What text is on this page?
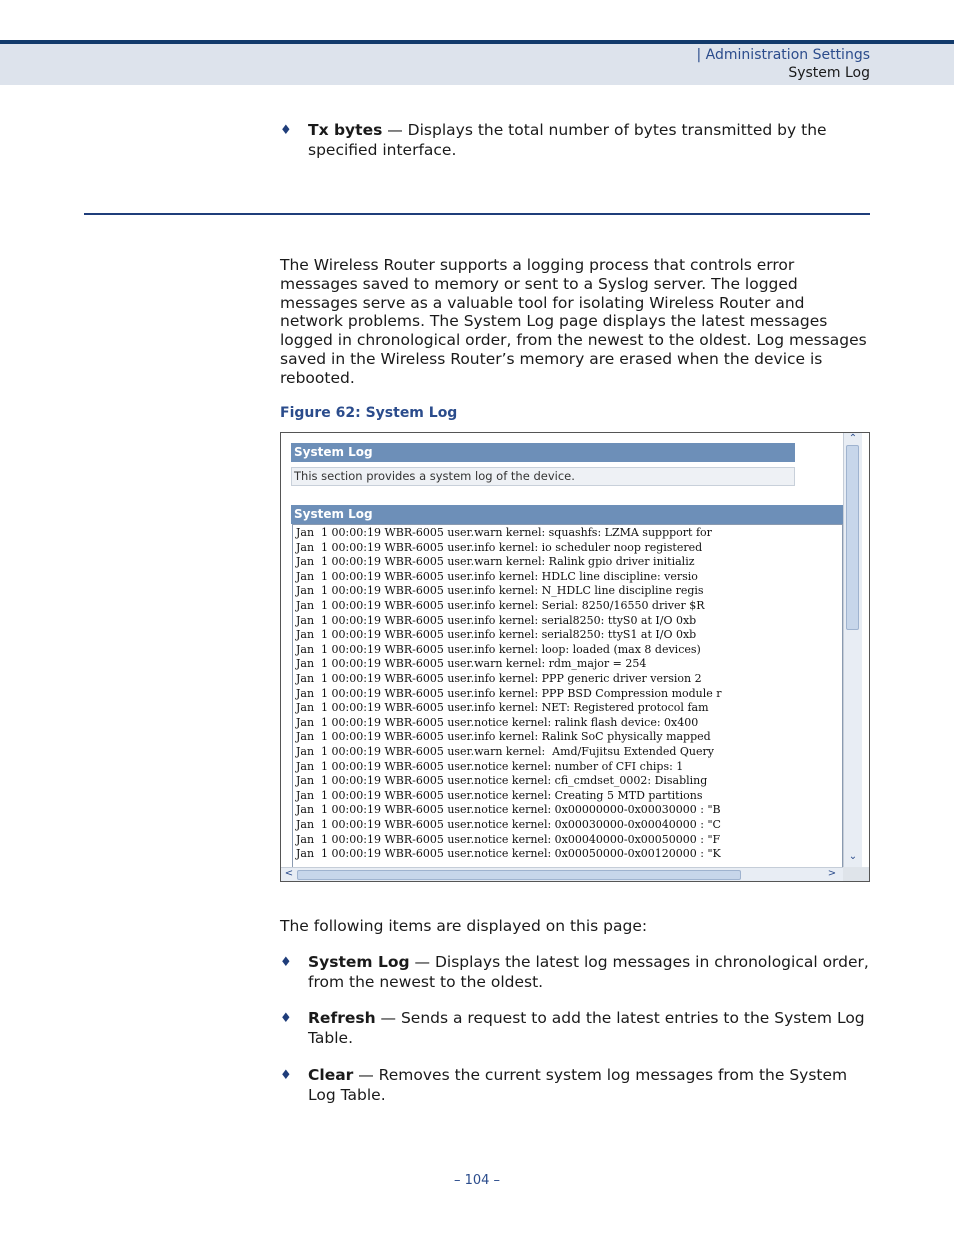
| Administration Settings
System Log
♦ Tx bytes — Displays the total number of bytes transmitted by the specified interface.
The Wireless Router supports a logging process that controls error messages saved to memory or sent to a Syslog server. The logged messages serve as a valuable tool for isolating Wireless Router and network problems. The System Log page displays the latest messages logged in chronological order, from the newest to the oldest. Log messages saved in the Wireless Router’s memory are erased when the device is rebooted.
Figure 62: System Log
System Log
This section provides a system log of the device.
System Log
Jan  1 00:00:19 WBR-6005 user.warn kernel: squashfs: LZMA suppport for
Jan  1 00:00:19 WBR-6005 user.info kernel: io scheduler noop registered
Jan  1 00:00:19 WBR-6005 user.warn kernel: Ralink gpio driver initializ
Jan  1 00:00:19 WBR-6005 user.info kernel: HDLC line discipline: versio
Jan  1 00:00:19 WBR-6005 user.info kernel: N_HDLC line discipline regis
Jan  1 00:00:19 WBR-6005 user.info kernel: Serial: 8250/16550 driver $R
Jan  1 00:00:19 WBR-6005 user.info kernel: serial8250: ttyS0 at I/O 0xb
Jan  1 00:00:19 WBR-6005 user.info kernel: serial8250: ttyS1 at I/O 0xb
Jan  1 00:00:19 WBR-6005 user.info kernel: loop: loaded (max 8 devices)
Jan  1 00:00:19 WBR-6005 user.warn kernel: rdm_major = 254
Jan  1 00:00:19 WBR-6005 user.info kernel: PPP generic driver version 2
Jan  1 00:00:19 WBR-6005 user.info kernel: PPP BSD Compression module r
Jan  1 00:00:19 WBR-6005 user.info kernel: NET: Registered protocol fam
Jan  1 00:00:19 WBR-6005 user.notice kernel: ralink flash device: 0x400
Jan  1 00:00:19 WBR-6005 user.info kernel: Ralink SoC physically mapped
Jan  1 00:00:19 WBR-6005 user.warn kernel:  Amd/Fujitsu Extended Query
Jan  1 00:00:19 WBR-6005 user.notice kernel: number of CFI chips: 1
Jan  1 00:00:19 WBR-6005 user.notice kernel: cfi_cmdset_0002: Disabling
Jan  1 00:00:19 WBR-6005 user.notice kernel: Creating 5 MTD partitions
Jan  1 00:00:19 WBR-6005 user.notice kernel: 0x00000000-0x00030000 : "B
Jan  1 00:00:19 WBR-6005 user.notice kernel: 0x00030000-0x00040000 : "C
Jan  1 00:00:19 WBR-6005 user.notice kernel: 0x00040000-0x00050000 : "F
Jan  1 00:00:19 WBR-6005 user.notice kernel: 0x00050000-0x00120000 : "K
⌃
⌄
<	>
The following items are displayed on this page:
♦ System Log — Displays the latest log messages in chronological order, from the newest to the oldest.
♦ Refresh — Sends a request to add the latest entries to the System Log Table.
♦ Clear — Removes the current system log messages from the System Log Table.
– 104 –
